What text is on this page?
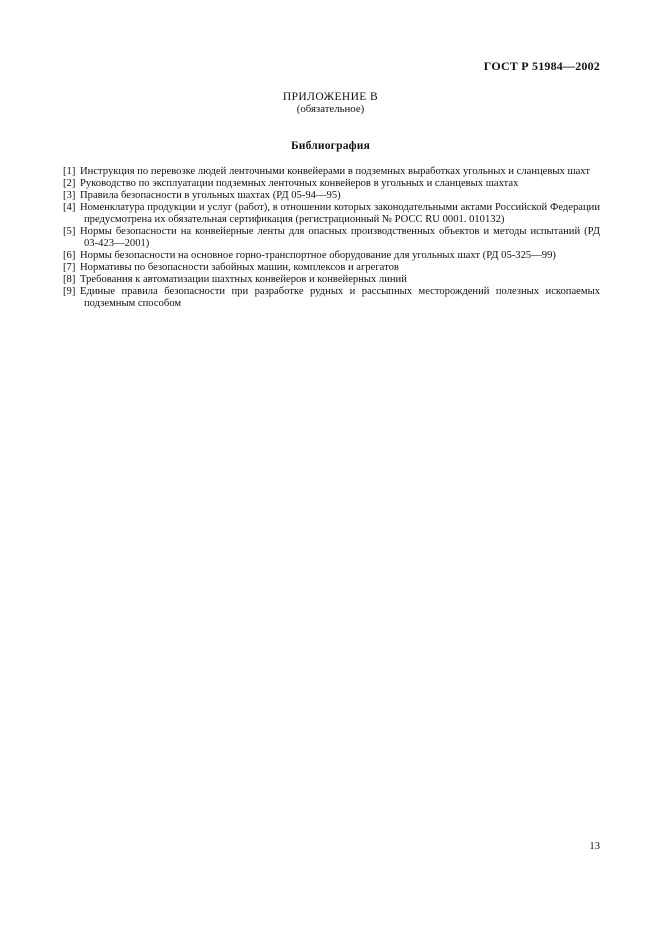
ГОСТ Р 51984—2002
ПРИЛОЖЕНИЕ В
(обязательное)
Библиография
[1] Инструкция по перевозке людей ленточными конвейерами в подземных выработках угольных и сланцевых шахт
[2] Руководство по эксплуатации подземных ленточных конвейеров в угольных и сланцевых шахтах
[3] Правила безопасности в угольных шахтах (РД 05-94—95)
[4] Номенклатура продукции и услуг (работ), в отношении которых законодательными актами Российской Федерации предусмотрена их обязательная сертификация (регистрационный № РОСС RU 0001. 010132)
[5] Нормы безопасности на конвейерные ленты для опасных производственных объектов и методы испытаний (РД 03-423—2001)
[6] Нормы безопасности на основное горно-транспортное оборудование для угольных шахт (РД 05-325—99)
[7] Нормативы по безопасности забойных машин, комплексов и агрегатов
[8] Требования к автоматизации шахтных конвейеров и конвейерных линий
[9] Единые правила безопасности при разработке рудных и рассыпных месторождений полезных ископаемых подземным способом
13
